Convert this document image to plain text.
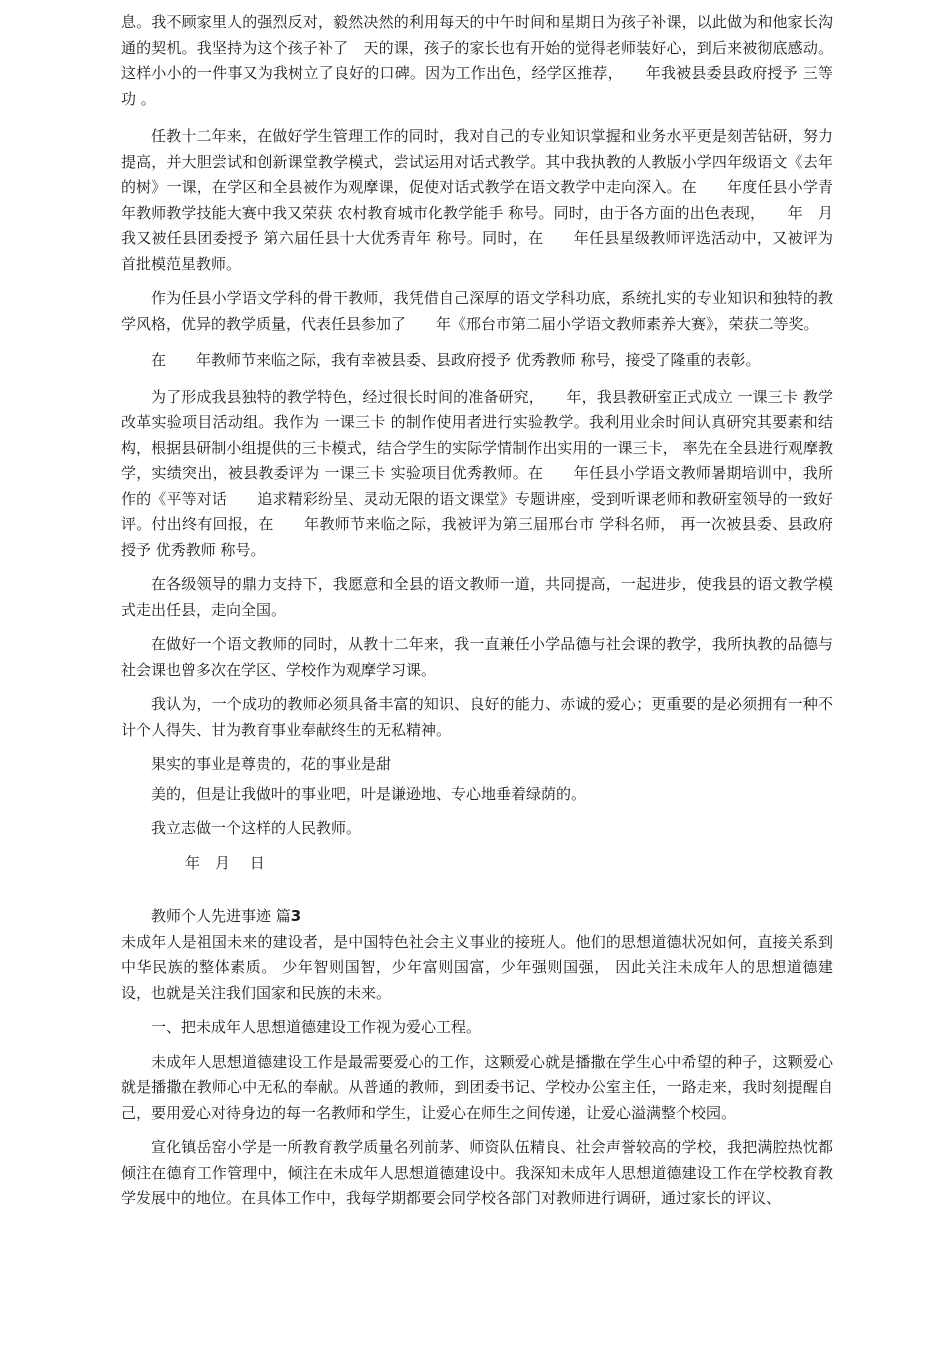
息。我不顾家里人的强烈反对，毅然决然的利用每天的中午时间和星期日为孩子补课，以此做为和他家长沟通的契机。我坚持为这个孩子补了　天的课，孩子的家长也有开始的觉得老师装好心，到后来被彻底感动。这样小小的一件事又为我树立了良好的口碑。因为工作出色，经学区推荐，　　年我被县委县政府授予 三等功 。

任教十二年来，在做好学生管理工作的同时，我对自己的专业知识掌握和业务水平更是刻苦钻研，努力提高，并大胆尝试和创新课堂教学模式，尝试运用对话式教学。其中我执教的人教版小学四年级语文《去年的树》一课，在学区和全县被作为观摩课，促使对话式教学在语文教学中走向深入。在　　年度任县小学青年教师教学技能大赛中我又荣获 农村教育城市化教学能手 称号。同时，由于各方面的出色表现，　　年　月我又被任县团委授予 第六届任县十大优秀青年 称号。同时，在　　年任县星级教师评选活动中，又被评为首批模范星教师。

作为任县小学语文学科的骨干教师，我凭借自己深厚的语文学科功底，系统扎实的专业知识和独特的教学风格，优异的教学质量，代表任县参加了　　年《邢台市第二届小学语文教师素养大赛》，荣获二等奖。

在　　年教师节来临之际，我有幸被县委、县政府授予 优秀教师 称号，接受了隆重的表彰。

为了形成我县独特的教学特色，经过很长时间的准备研究，　　年，我县教研室正式成立 一课三卡 教学改革实验项目活动组。我作为 一课三卡 的制作使用者进行实验教学。我利用业余时间认真研究其要素和结构，根据县研制小组提供的三卡模式，结合学生的实际学情制作出实用的一课三卡， 率先在全县进行观摩教学，实绩突出，被县教委评为 一课三卡 实验项目优秀教师。在　　年任县小学语文教师暑期培训中，我所作的《平等对话　　追求精彩纷呈、灵动无限的语文课堂》专题讲座，受到听课老师和教研室领导的一致好评。付出终有回报，在　　年教师节来临之际，我被评为第三届邢台市 学科名师， 再一次被县委、县政府授予 优秀教师 称号。

在各级领导的鼎力支持下，我愿意和全县的语文教师一道，共同提高，一起进步，使我县的语文教学模式走出任县，走向全国。

在做好一个语文教师的同时，从教十二年来，我一直兼任小学品德与社会课的教学，我所执教的品德与社会课也曾多次在学区、学校作为观摩学习课。

我认为，一个成功的教师必须具备丰富的知识、良好的能力、赤诚的爱心；更重要的是必须拥有一种不计个人得失、甘为教育事业奉献终生的无私精神。

果实的事业是尊贵的，花的事业是甜

美的，但是让我做叶的事业吧，叶是谦逊地、专心地垂着绿荫的。

我立志做一个这样的人民教师。

年　月　 日
教师个人先进事迹 篇3

未成年人是祖国未来的建设者，是中国特色社会主义事业的接班人。他们的思想道德状况如何，直接关系到中华民族的整体素质。 少年智则国智，少年富则国富，少年强则国强， 因此关注未成年人的思想道德建设，也就是关注我们国家和民族的未来。

一、把未成年人思想道德建设工作视为爱心工程。

未成年人思想道德建设工作是最需要爱心的工作，这颗爱心就是播撒在学生心中希望的种子，这颗爱心就是播撒在教师心中无私的奉献。从普通的教师，到团委书记、学校办公室主任，一路走来，我时刻提醒自己，要用爱心对待身边的每一名教师和学生，让爱心在师生之间传递，让爱心溢满整个校园。

宣化镇岳窑小学是一所教育教学质量名列前茅、师资队伍精良、社会声誉较高的学校，我把满腔热忱都倾注在德育工作管理中，倾注在未成年人思想道德建设中。我深知未成年人思想道德建设工作在学校教育教学发展中的地位。在具体工作中，我每学期都要会同学校各部门对教师进行调研，通过家长的评议、
